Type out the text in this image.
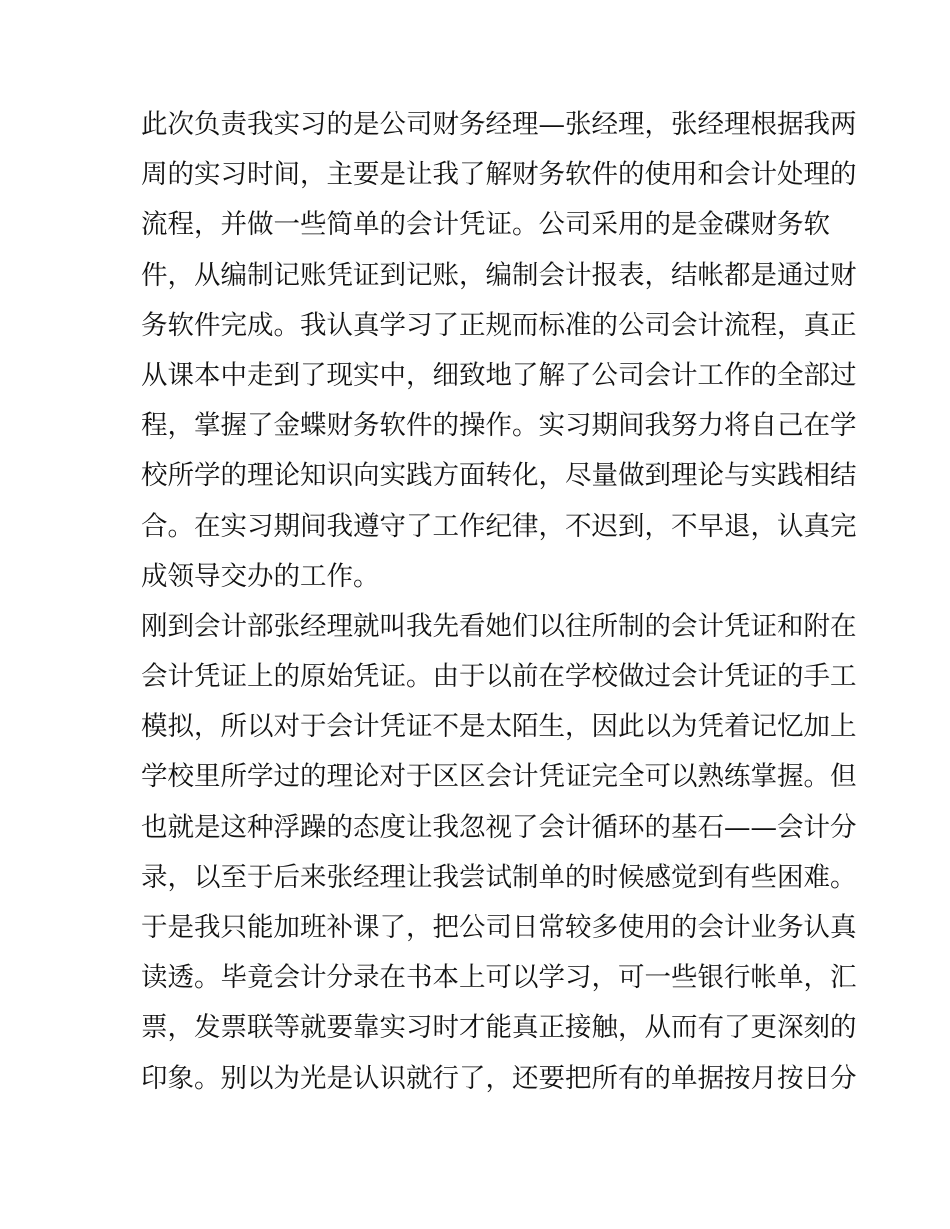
此次负责我实习的是公司财务经理—张经理，张经理根据我两
周的实习时间，主要是让我了解财务软件的使用和会计处理的
流程，并做一些简单的会计凭证。公司采用的是金碟财务软
件，从编制记账凭证到记账，编制会计报表，结帐都是通过财
务软件完成。我认真学习了正规而标准的公司会计流程，真正
从课本中走到了现实中，细致地了解了公司会计工作的全部过
程，掌握了金蝶财务软件的操作。实习期间我努力将自己在学
校所学的理论知识向实践方面转化，尽量做到理论与实践相结
合。在实习期间我遵守了工作纪律，不迟到，不早退，认真完
成领导交办的工作。
刚到会计部张经理就叫我先看她们以往所制的会计凭证和附在
会计凭证上的原始凭证。由于以前在学校做过会计凭证的手工
模拟，所以对于会计凭证不是太陌生，因此以为凭着记忆加上
学校里所学过的理论对于区区会计凭证完全可以熟练掌握。但
也就是这种浮躁的态度让我忽视了会计循环的基石——会计分
录，以至于后来张经理让我尝试制单的时候感觉到有些困难。
于是我只能加班补课了，把公司日常较多使用的会计业务认真
读透。毕竟会计分录在书本上可以学习，可一些银行帐单，汇
票，发票联等就要靠实习时才能真正接触，从而有了更深刻的
印象。别以为光是认识就行了，还要把所有的单据按月按日分
